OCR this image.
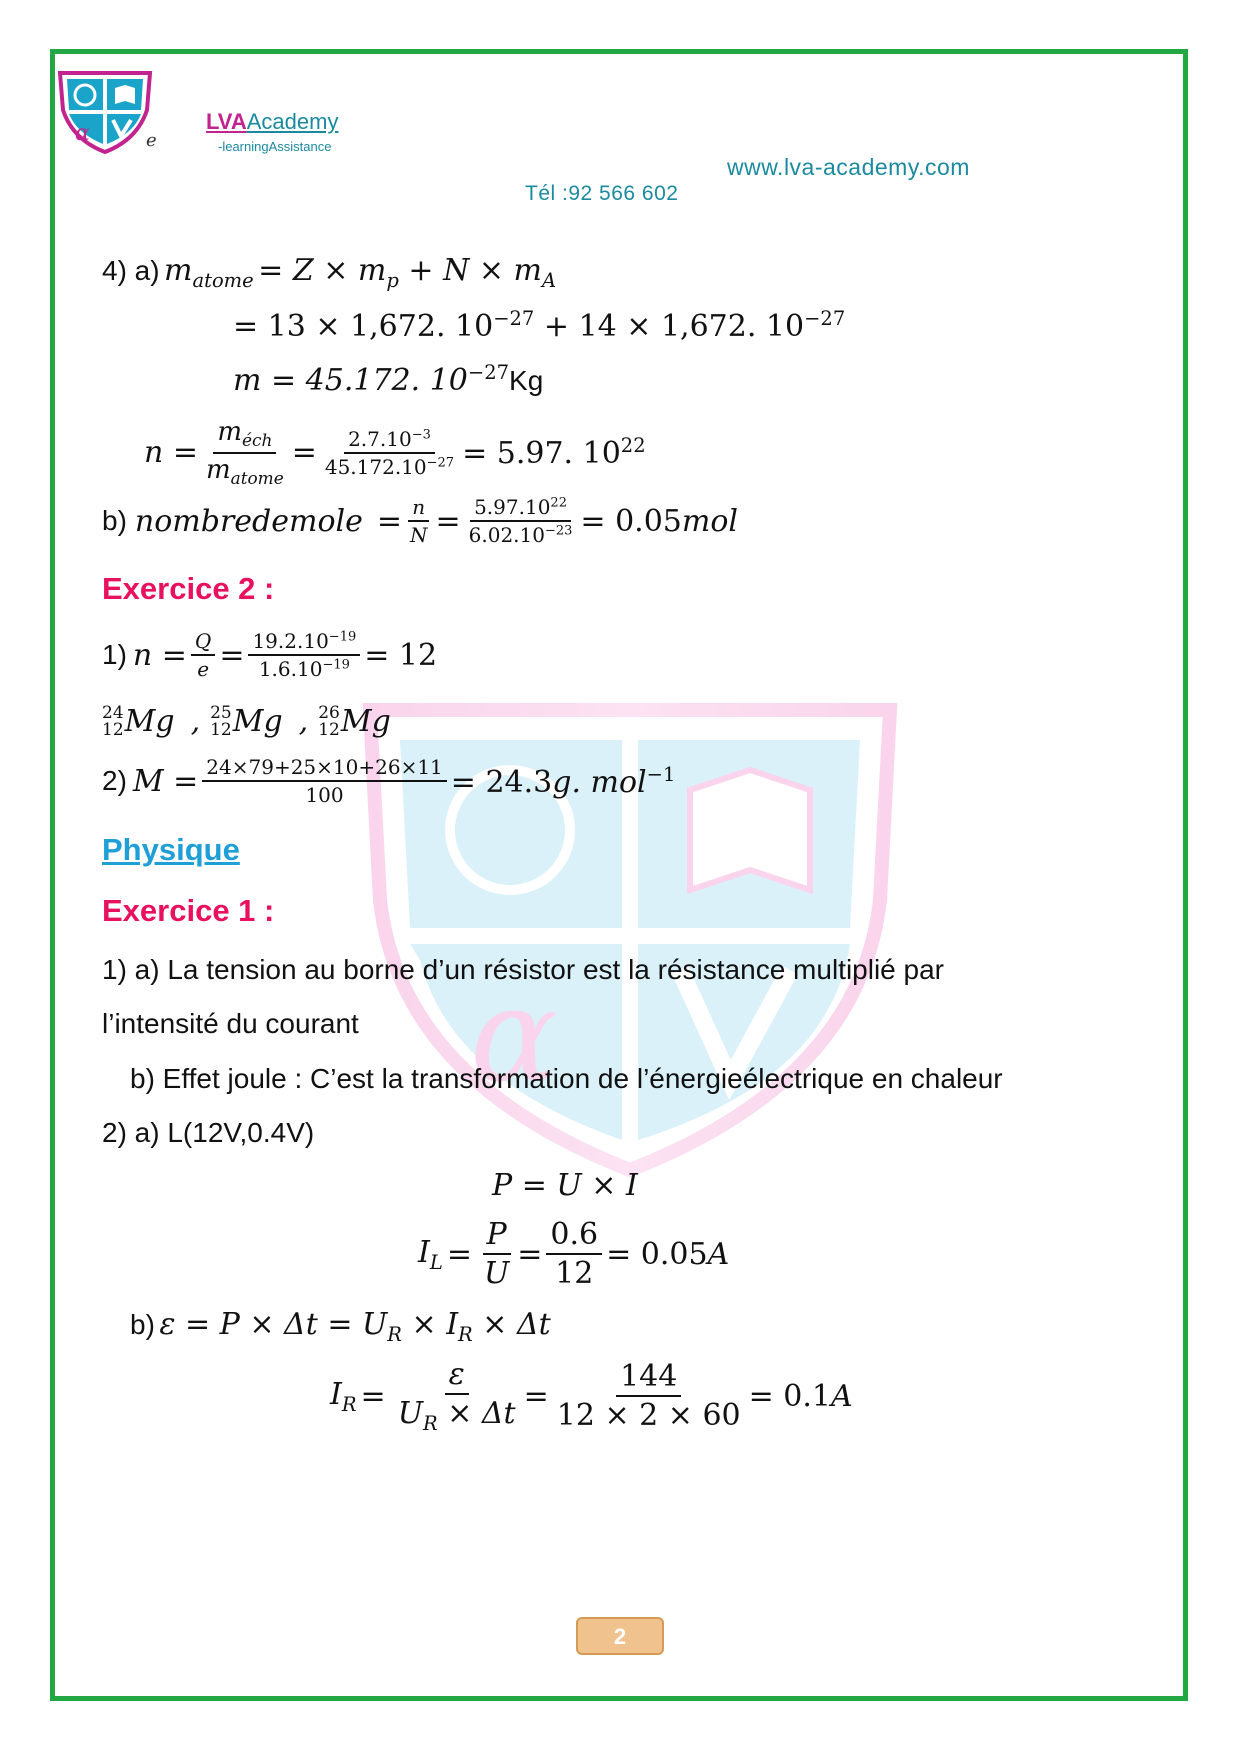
α
α	e
LVAAcademy
-learningAssistance
www.lva-academy.com
Tél :92 566 602
4) a) $m_{atome} = Z \times m_p + N \times m_A$
= 13 × 1,672. $10^{-27} + 14 \times 1,672$. $10^{-27}$
m = 45.172. $10^{-27}Kg$
$n = \frac{m_{éch}}{m_{atome}} = \frac{2.7.10^{-3}}{45.172.10^{-27}} = 5.97$. $10^{22}$
b) nombredemole = $\frac{n}{N} = \frac{5.97.10^{22}}{6.02.10^{-23}} = 0.05mol$
Exercice 2 :
1) $n = \frac{Q}{e} = \frac{19.2.10^{-19}}{1.6.10^{-19}} = 12$
24
12 Mg , 25
12 Mg , 26
12 Mg
2) $M = \frac{24\times 79+25\times 10+26\times 11}{100} = 24.3g$. mol$^{-1}$
Physique
Exercice 1 :
1) a) La tension au borne d’un résistor est la résistance multiplié par
l’intensité du courant
b) Effet joule : C’est la transformation de l’énergieélectrique en chaleur
2) a) L(12V,0.4V)
P = U × I
$I_L = \frac{P}{U} = \frac{0.6}{12} = 0.05A$
b) $\varepsilon = P \times \Delta t = U_R \times I_R \times \Delta t$
$I_R = \frac{\varepsilon}{U_R \times \Delta t} = \frac{144}{12 \times 2 \times 60} = 0.1A$
2
